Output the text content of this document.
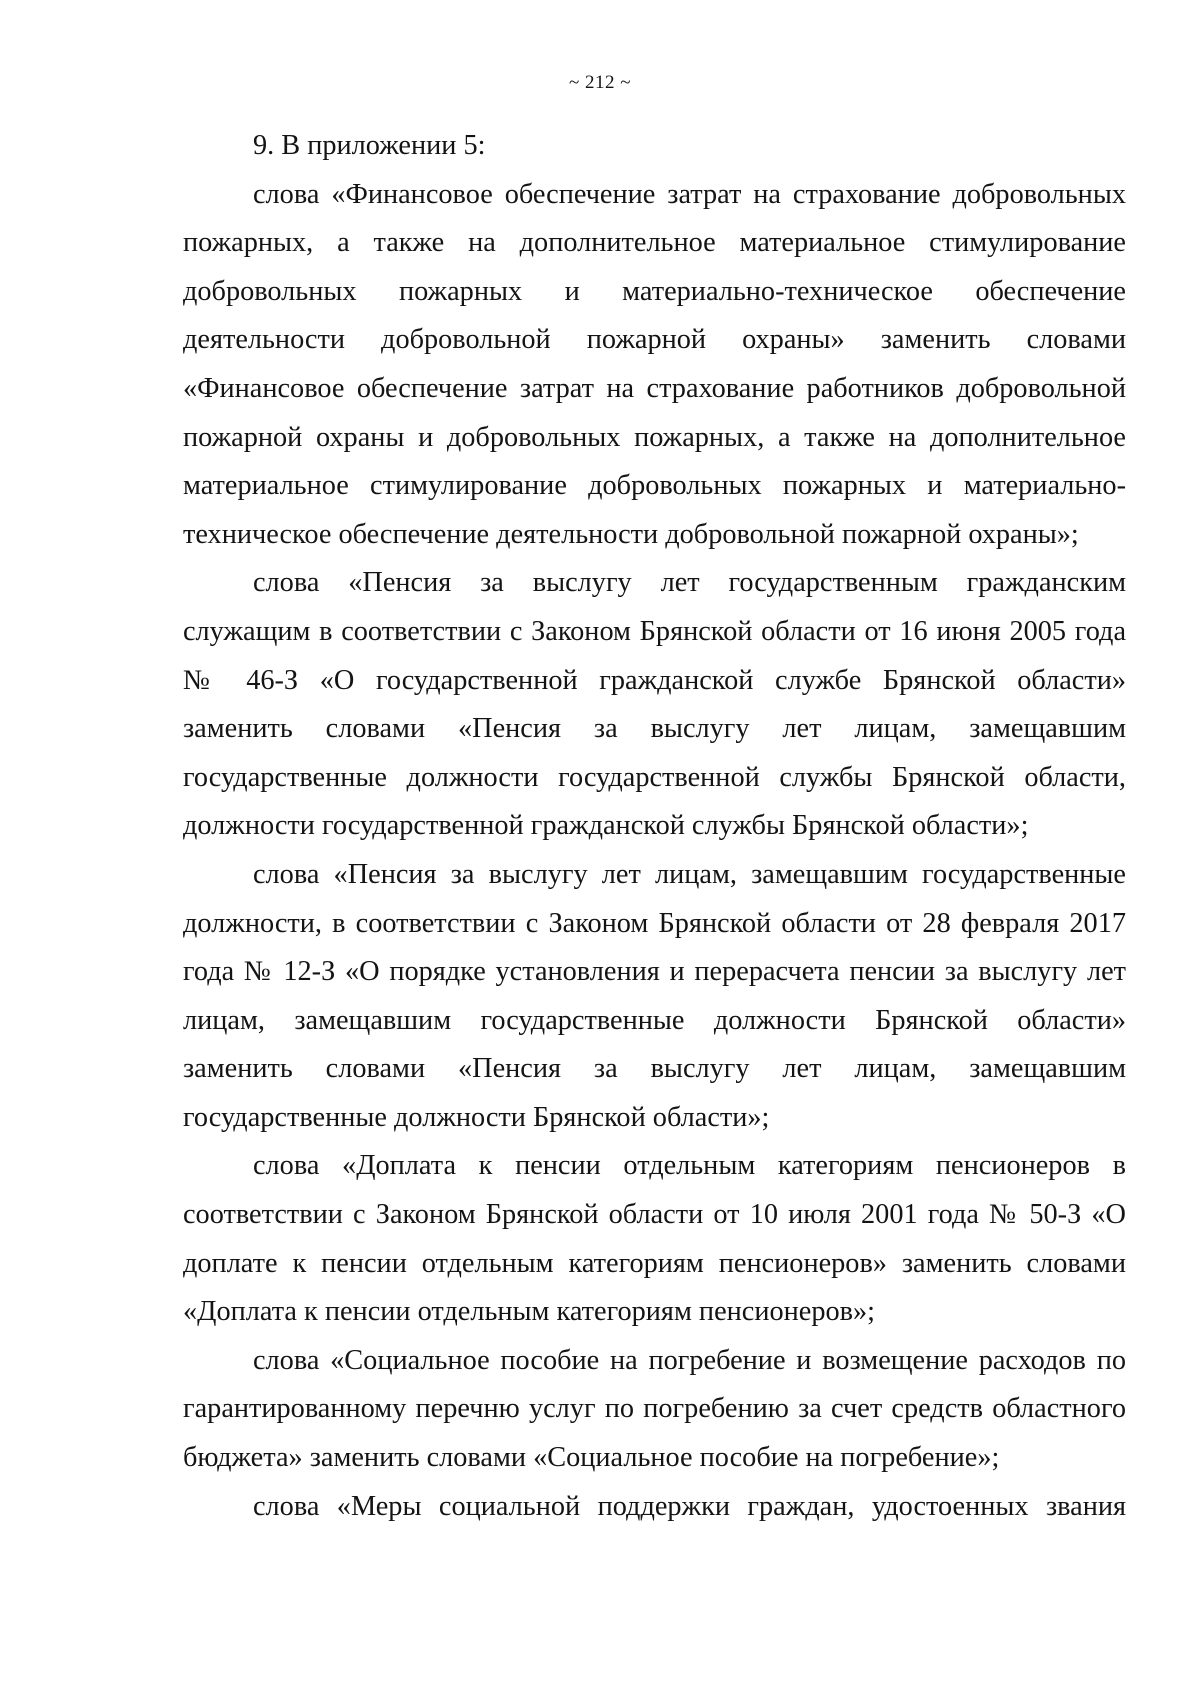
~ 212 ~

9. В приложении 5:

слова «Финансовое обеспечение затрат на страхование добровольных пожарных, а также на дополнительное материальное стимулирование добровольных пожарных и материально-техническое обеспечение деятельности добровольной пожарной охраны» заменить словами «Финансовое обеспечение затрат на страхование работников добровольной пожарной охраны и добровольных пожарных, а также на дополнительное материальное стимулирование добровольных пожарных и материально-техническое обеспечение деятельности добровольной пожарной охраны»;

слова «Пенсия за выслугу лет государственным гражданским служащим в соответствии с Законом Брянской области от 16 июня 2005 года № 46-З «О государственной гражданской службе Брянской области» заменить словами «Пенсия за выслугу лет лицам, замещавшим государственные должности государственной службы Брянской области, должности государственной гражданской службы Брянской области»;

слова «Пенсия за выслугу лет лицам, замещавшим государственные должности, в соответствии с Законом Брянской области от 28 февраля 2017 года № 12-З «О порядке установления и перерасчета пенсии за выслугу лет лицам, замещавшим государственные должности Брянской области» заменить словами «Пенсия за выслугу лет лицам, замещавшим государственные должности Брянской области»;

слова «Доплата к пенсии отдельным категориям пенсионеров в соответствии с Законом Брянской области от 10 июля 2001 года № 50-З «О доплате к пенсии отдельным категориям пенсионеров» заменить словами «Доплата к пенсии отдельным категориям пенсионеров»;

слова «Социальное пособие на погребение и возмещение расходов по гарантированному перечню услуг по погребению за счет средств областного бюджета» заменить словами «Социальное пособие на погребение»;

слова «Меры социальной поддержки граждан, удостоенных звания
